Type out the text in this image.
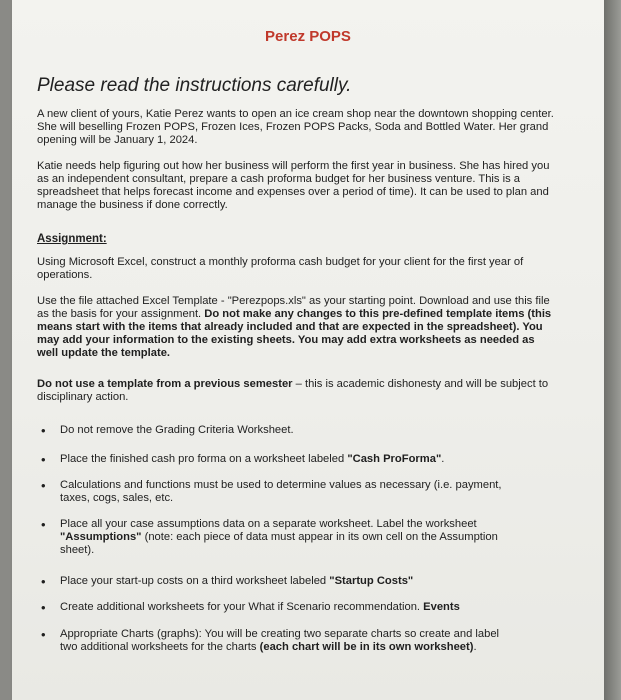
Perez POPS
Please read the instructions carefully.
A new client of yours, Katie Perez wants to open an ice cream shop near the downtown shopping center. She will beselling Frozen POPS, Frozen Ices, Frozen POPS Packs, Soda and Bottled Water. Her grand opening will be January 1, 2024.
Katie needs help figuring out how her business will perform the first year in business. She has hired you as an independent consultant, prepare a cash proforma budget for her business venture. This is a spreadsheet that helps forecast income and expenses over a period of time). It can be used to plan and manage the business if done correctly.
Assignment:
Using Microsoft Excel, construct a monthly proforma cash budget for your client for the first year of operations.
Use the file attached Excel Template - "Perezpops.xls" as your starting point. Download and use this file as the basis for your assignment. Do not make any changes to this pre-defined template items (this means start with the items that already included and that are expected in the spreadsheet). You may add your information to the existing sheets. You may add extra worksheets as needed as well update the template.
Do not use a template from a previous semester – this is academic dishonesty and will be subject to disciplinary action.
• Do not remove the Grading Criteria Worksheet.
• Place the finished cash pro forma on a worksheet labeled "Cash ProForma".
• Calculations and functions must be used to determine values as necessary (i.e. payment, taxes, cogs, sales, etc.
• Place all your case assumptions data on a separate worksheet. Label the worksheet "Assumptions" (note: each piece of data must appear in its own cell on the Assumption sheet).
• Place your start-up costs on a third worksheet labeled "Startup Costs"
• Create additional worksheets for your What if Scenario recommendation. Events
• Appropriate Charts (graphs): You will be creating two separate charts so create and label two additional worksheets for the charts (each chart will be in its own worksheet).
